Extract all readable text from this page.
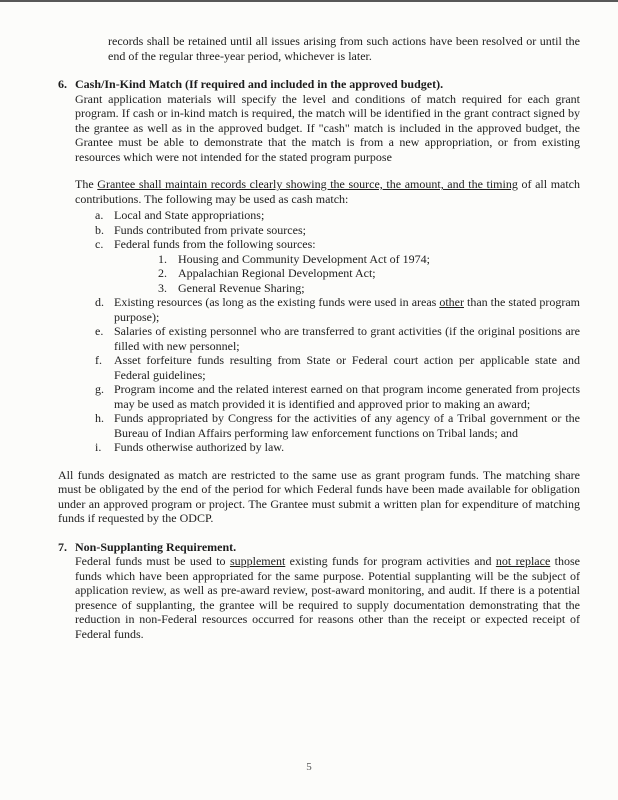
records shall be retained until all issues arising from such actions have been resolved or until the end of the regular three-year period, whichever is later.

6. Cash/In-Kind Match (If required and included in the approved budget).

Grant application materials will specify the level and conditions of match required for each grant program. If cash or in-kind match is required, the match will be identified in the grant contract signed by the grantee as well as in the approved budget. If "cash" match is included in the approved budget, the Grantee must be able to demonstrate that the match is from a new appropriation, or from existing resources which were not intended for the stated program purpose

The Grantee shall maintain records clearly showing the source, the amount, and the timing of all match contributions. The following may be used as cash match:

a. Local and State appropriations;
b. Funds contributed from private sources;
c. Federal funds from the following sources:
1. Housing and Community Development Act of 1974;
2. Appalachian Regional Development Act;
3. General Revenue Sharing;
d. Existing resources (as long as the existing funds were used in areas other than the stated program purpose);
e. Salaries of existing personnel who are transferred to grant activities (if the original positions are filled with new personnel;
f. Asset forfeiture funds resulting from State or Federal court action per applicable state and Federal guidelines;
g. Program income and the related interest earned on that program income generated from projects may be used as match provided it is identified and approved prior to making an award;
h. Funds appropriated by Congress for the activities of any agency of a Tribal government or the Bureau of Indian Affairs performing law enforcement functions on Tribal lands; and
i. Funds otherwise authorized by law.

All funds designated as match are restricted to the same use as grant program funds. The matching share must be obligated by the end of the period for which Federal funds have been made available for obligation under an approved program or project. The Grantee must submit a written plan for expenditure of matching funds if requested by the ODCP.

7. Non-Supplanting Requirement.

Federal funds must be used to supplement existing funds for program activities and not replace those funds which have been appropriated for the same purpose. Potential supplanting will be the subject of application review, as well as pre-award review, post-award monitoring, and audit. If there is a potential presence of supplanting, the grantee will be required to supply documentation demonstrating that the reduction in non-Federal resources occurred for reasons other than the receipt or expected receipt of Federal funds.

5
